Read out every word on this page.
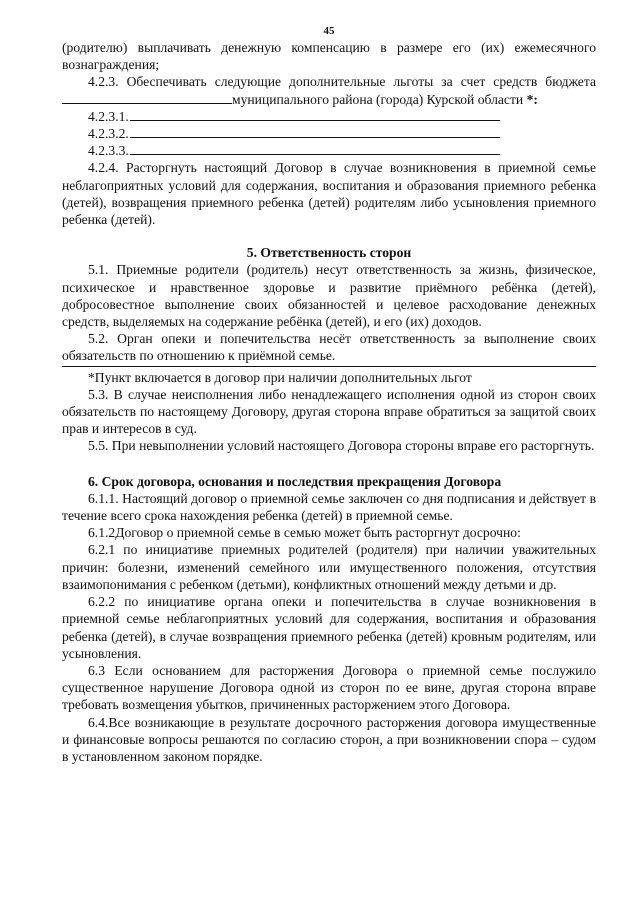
45

(родителю) выплачивать денежную компенсацию в размере его (их) ежемесячного вознаграждения;

4.2.3. Обеспечивать следующие дополнительные льготы за счет средств бюджета муниципального района (города) Курской области *:

4.2.3.1.
4.2.3.2.
4.2.3.3.

4.2.4. Расторгнуть настоящий Договор в случае возникновения в приемной семье неблагоприятных условий для содержания, воспитания и образования приемного ребенка (детей), возвращения приемного ребенка (детей) родителям либо усыновления приемного ребенка (детей).

5. Ответственность сторон

5.1. Приемные родители (родитель) несут ответственность за жизнь, физическое, психическое и нравственное здоровье и развитие приёмного ребёнка (детей), добросовестное выполнение своих обязанностей и целевое расходование денежных средств, выделяемых на содержание ребёнка (детей), и его (их) доходов.

5.2. Орган опеки и попечительства несёт ответственность за выполнение своих обязательств по отношению к приёмной семье.

*Пункт включается в договор при наличии дополнительных льгот

5.3. В случае неисполнения либо ненадлежащего исполнения одной из сторон своих обязательств по настоящему Договору, другая сторона вправе обратиться за защитой своих прав и интересов в суд.

5.5. При невыполнении условий настоящего Договора стороны вправе его расторгнуть.

6. Срок договора, основания и последствия прекращения Договора

6.1.1. Настоящий договор о приемной семье заключен со дня подписания и действует в течение всего срока нахождения ребенка (детей) в приемной семье.

6.1.2Договор о приемной семье в семью может быть расторгнут досрочно:

6.2.1 по инициативе приемных родителей (родителя) при наличии уважительных причин: болезни, изменений семейного или имущественного положения, отсутствия взаимопонимания с ребенком (детьми), конфликтных отношений между детьми и др.

6.2.2 по инициативе органа опеки и попечительства в случае возникновения в приемной семье неблагоприятных условий для содержания, воспитания и образования ребенка (детей), в случае возвращения приемного ребенка (детей) кровным родителям, или усыновления.

6.3 Если основанием для расторжения Договора о приемной семье послужило существенное нарушение Договора одной из сторон по ее вине, другая сторона вправе требовать возмещения убытков, причиненных расторжением этого Договора.

6.4.Все возникающие в результате досрочного расторжения договора имущественные и финансовые вопросы решаются по согласию сторон, а при возникновении спора – судом в установленном законом порядке.
